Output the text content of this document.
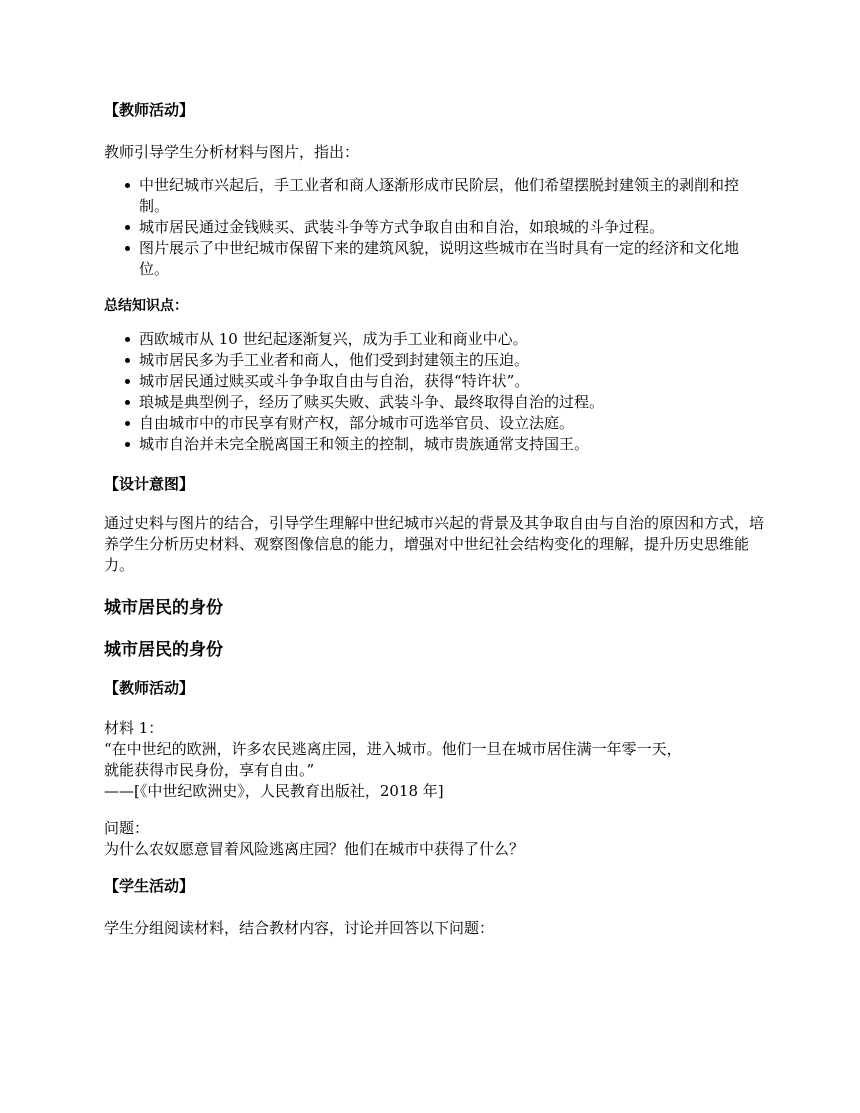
【教师活动】

教师引导学生分析材料与图片，指出：

中世纪城市兴起后，手工业者和商人逐渐形成市民阶层，他们希望摆脱封建领主的剥削和控制。
城市居民通过金钱赎买、武装斗争等方式争取自由和自治，如琅城的斗争过程。
图片展示了中世纪城市保留下来的建筑风貌，说明这些城市在当时具有一定的经济和文化地位。

总结知识点：

西欧城市从 10 世纪起逐渐复兴，成为手工业和商业中心。
城市居民多为手工业者和商人，他们受到封建领主的压迫。
城市居民通过赎买或斗争争取自由与自治，获得“特许状”。
琅城是典型例子，经历了赎买失败、武装斗争、最终取得自治的过程。
自由城市中的市民享有财产权，部分城市可选举官员、设立法庭。
城市自治并未完全脱离国王和领主的控制，城市贵族通常支持国王。

【设计意图】

通过史料与图片的结合，引导学生理解中世纪城市兴起的背景及其争取自由与自治的原因和方式，培养学生分析历史材料、观察图像信息的能力，增强对中世纪社会结构变化的理解，提升历史思维能力。

城市居民的身份

城市居民的身份

【教师活动】

材料 1：

“在中世纪的欧洲，许多农民逃离庄园，进入城市。他们一旦在城市居住满一年零一天，

就能获得市民身份，享有自由。”

——[《中世纪欧洲史》，人民教育出版社，2018 年]

问题：

为什么农奴愿意冒着风险逃离庄园？他们在城市中获得了什么？

【学生活动】

学生分组阅读材料，结合教材内容，讨论并回答以下问题：
